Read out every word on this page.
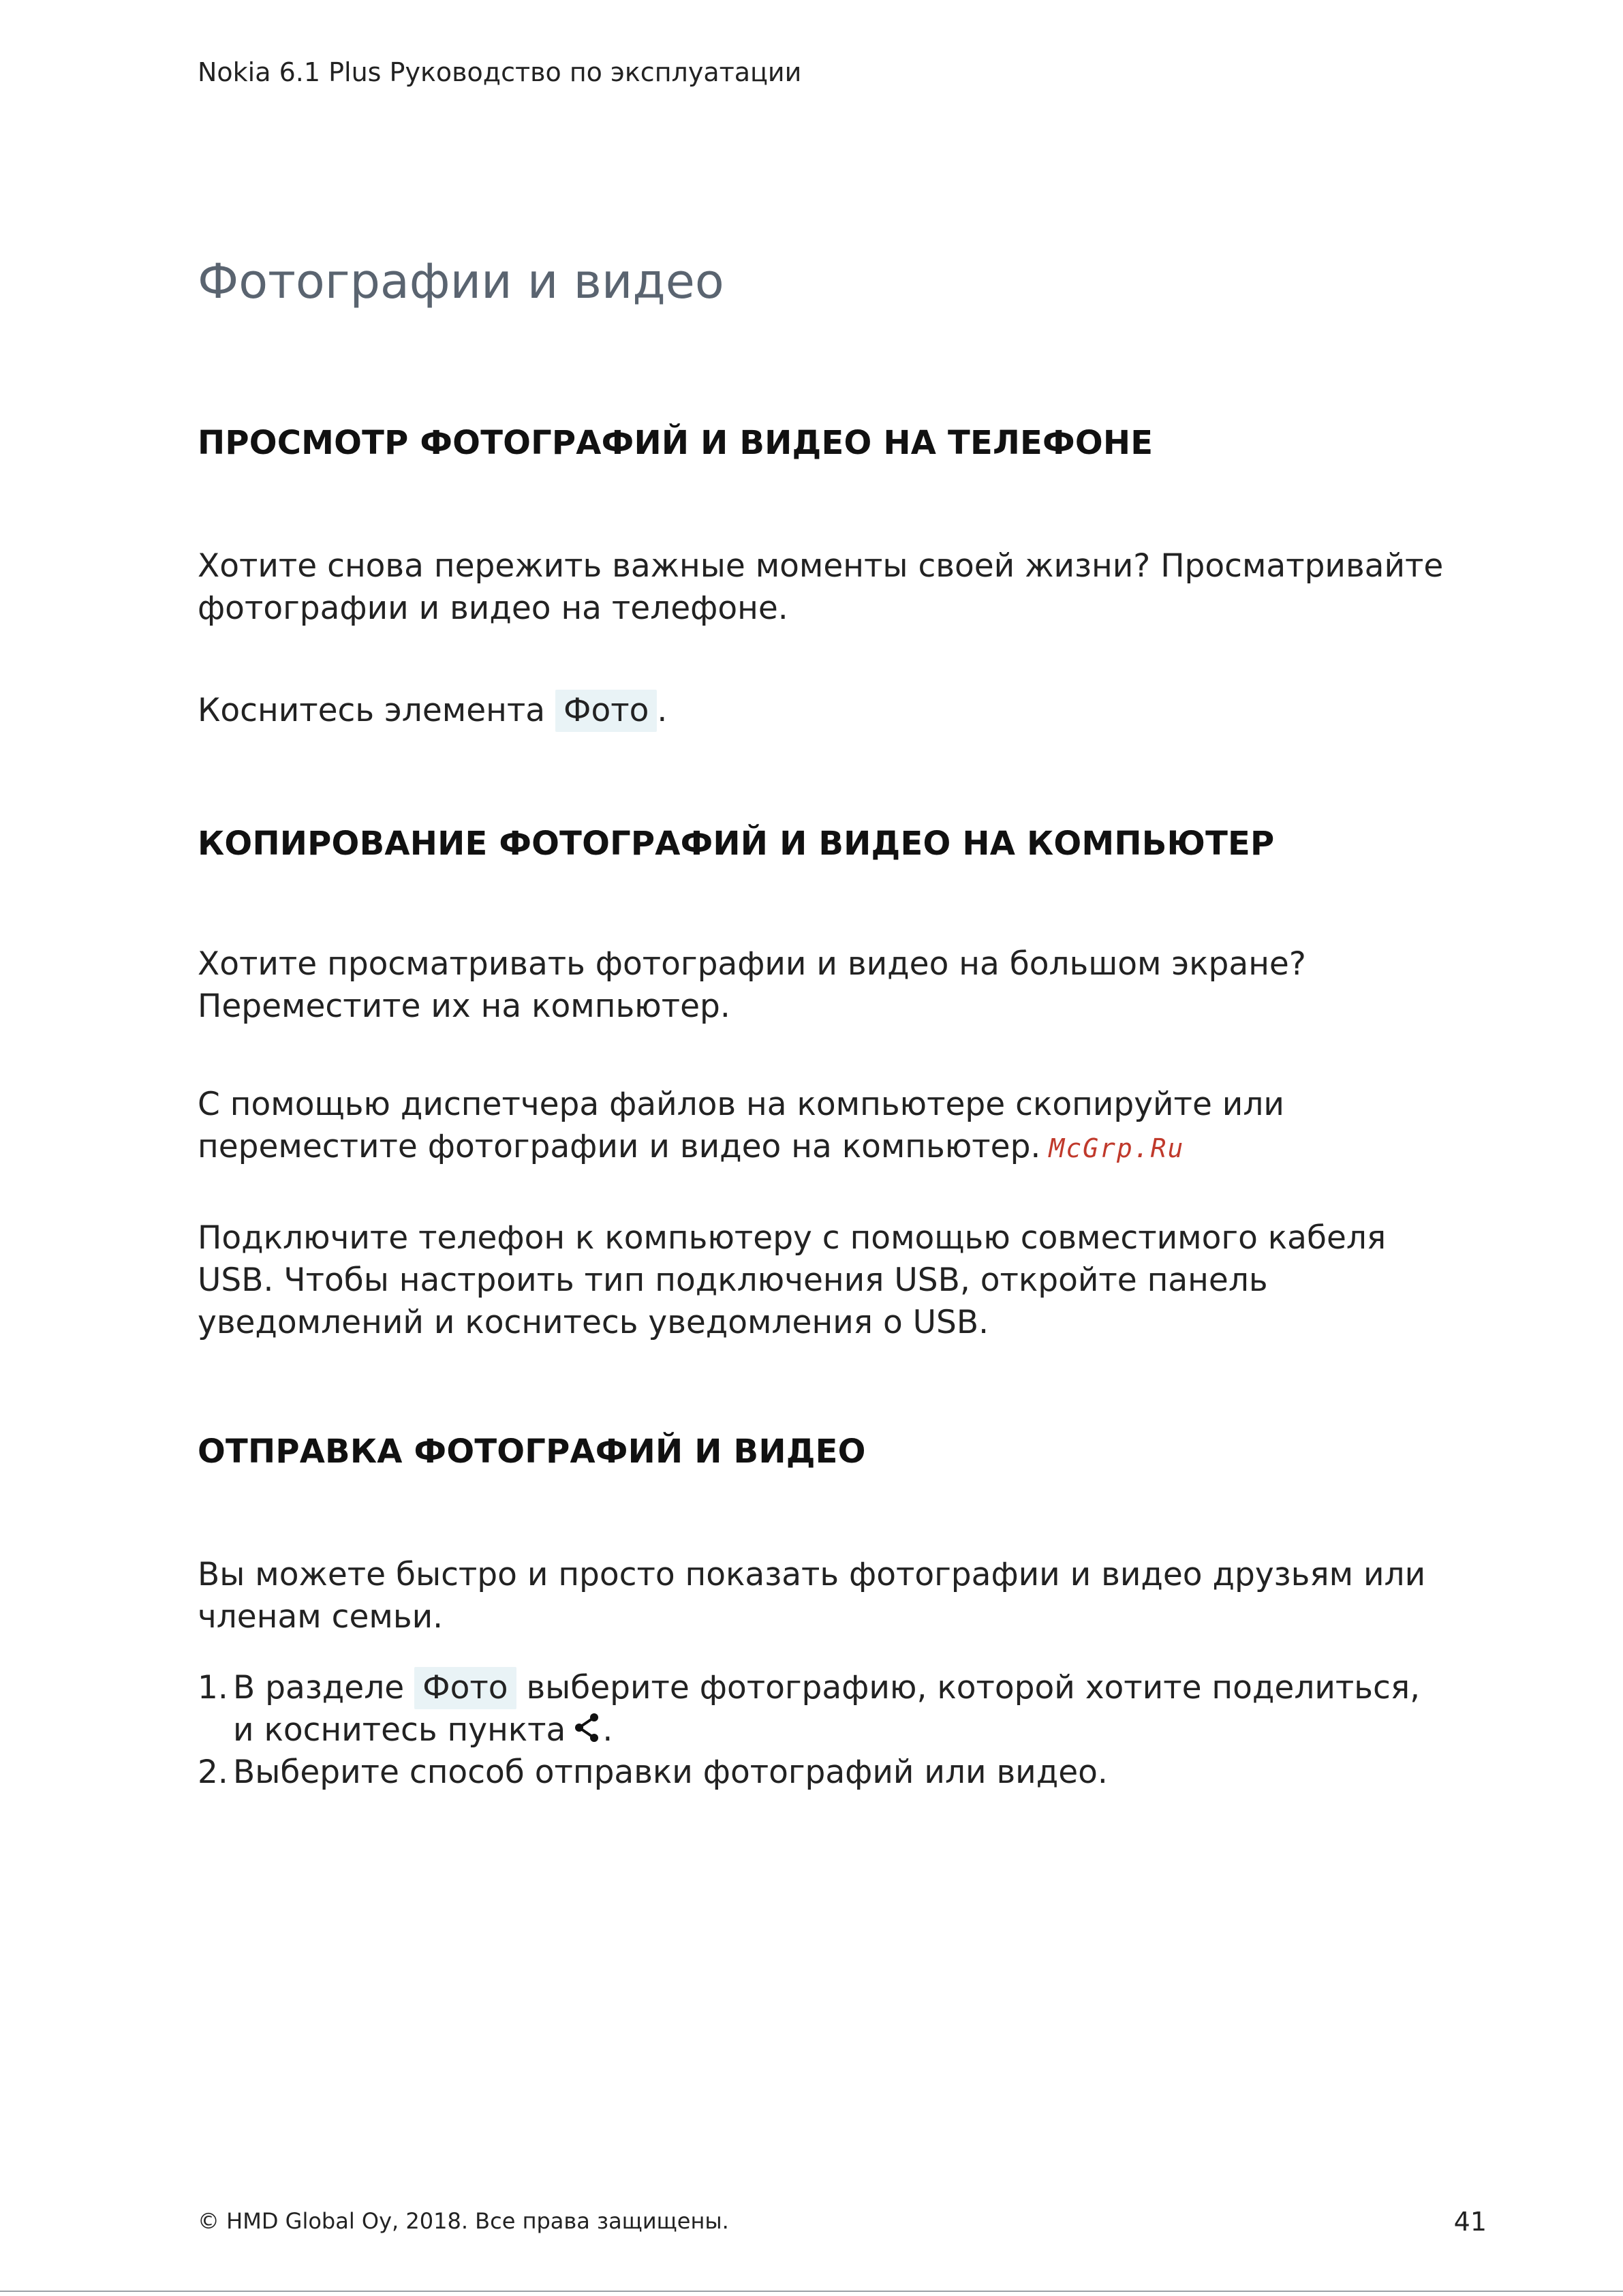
Nokia 6.1 Plus Руководство по эксплуатации
Фотографии и видео
ПРОСМОТР ФОТОГРАФИЙ И ВИДЕО НА ТЕЛЕФОНЕ

Хотите снова пережить важные моменты своей жизни? Просматривайте фотографии и видео на телефоне.

Коснитесь элемента Фото .

КОПИРОВАНИЕ ФОТОГРАФИЙ И ВИДЕО НА КОМПЬЮТЕР

Хотите просматривать фотографии и видео на большом экране? Переместите их на компьютер.

С помощью диспетчера файлов на компьютере скопируйте или переместите фотографии и видео на компьютер. McGrp.Ru

Подключите телефон к компьютеру с помощью совместимого кабеля USB. Чтобы настроить тип подключения USB, откройте панель уведомлений и коснитесь уведомления о USB.

ОТПРАВКА ФОТОГРАФИЙ И ВИДЕО

Вы можете быстро и просто показать фотографии и видео друзьям или членам семьи.

1. В разделе Фото выберите фотографию, которой хотите поделиться, и коснитесь пункта .
2. Выберите способ отправки фотографий или видео.
© HMD Global Oy, 2018. Все права защищены.	41
